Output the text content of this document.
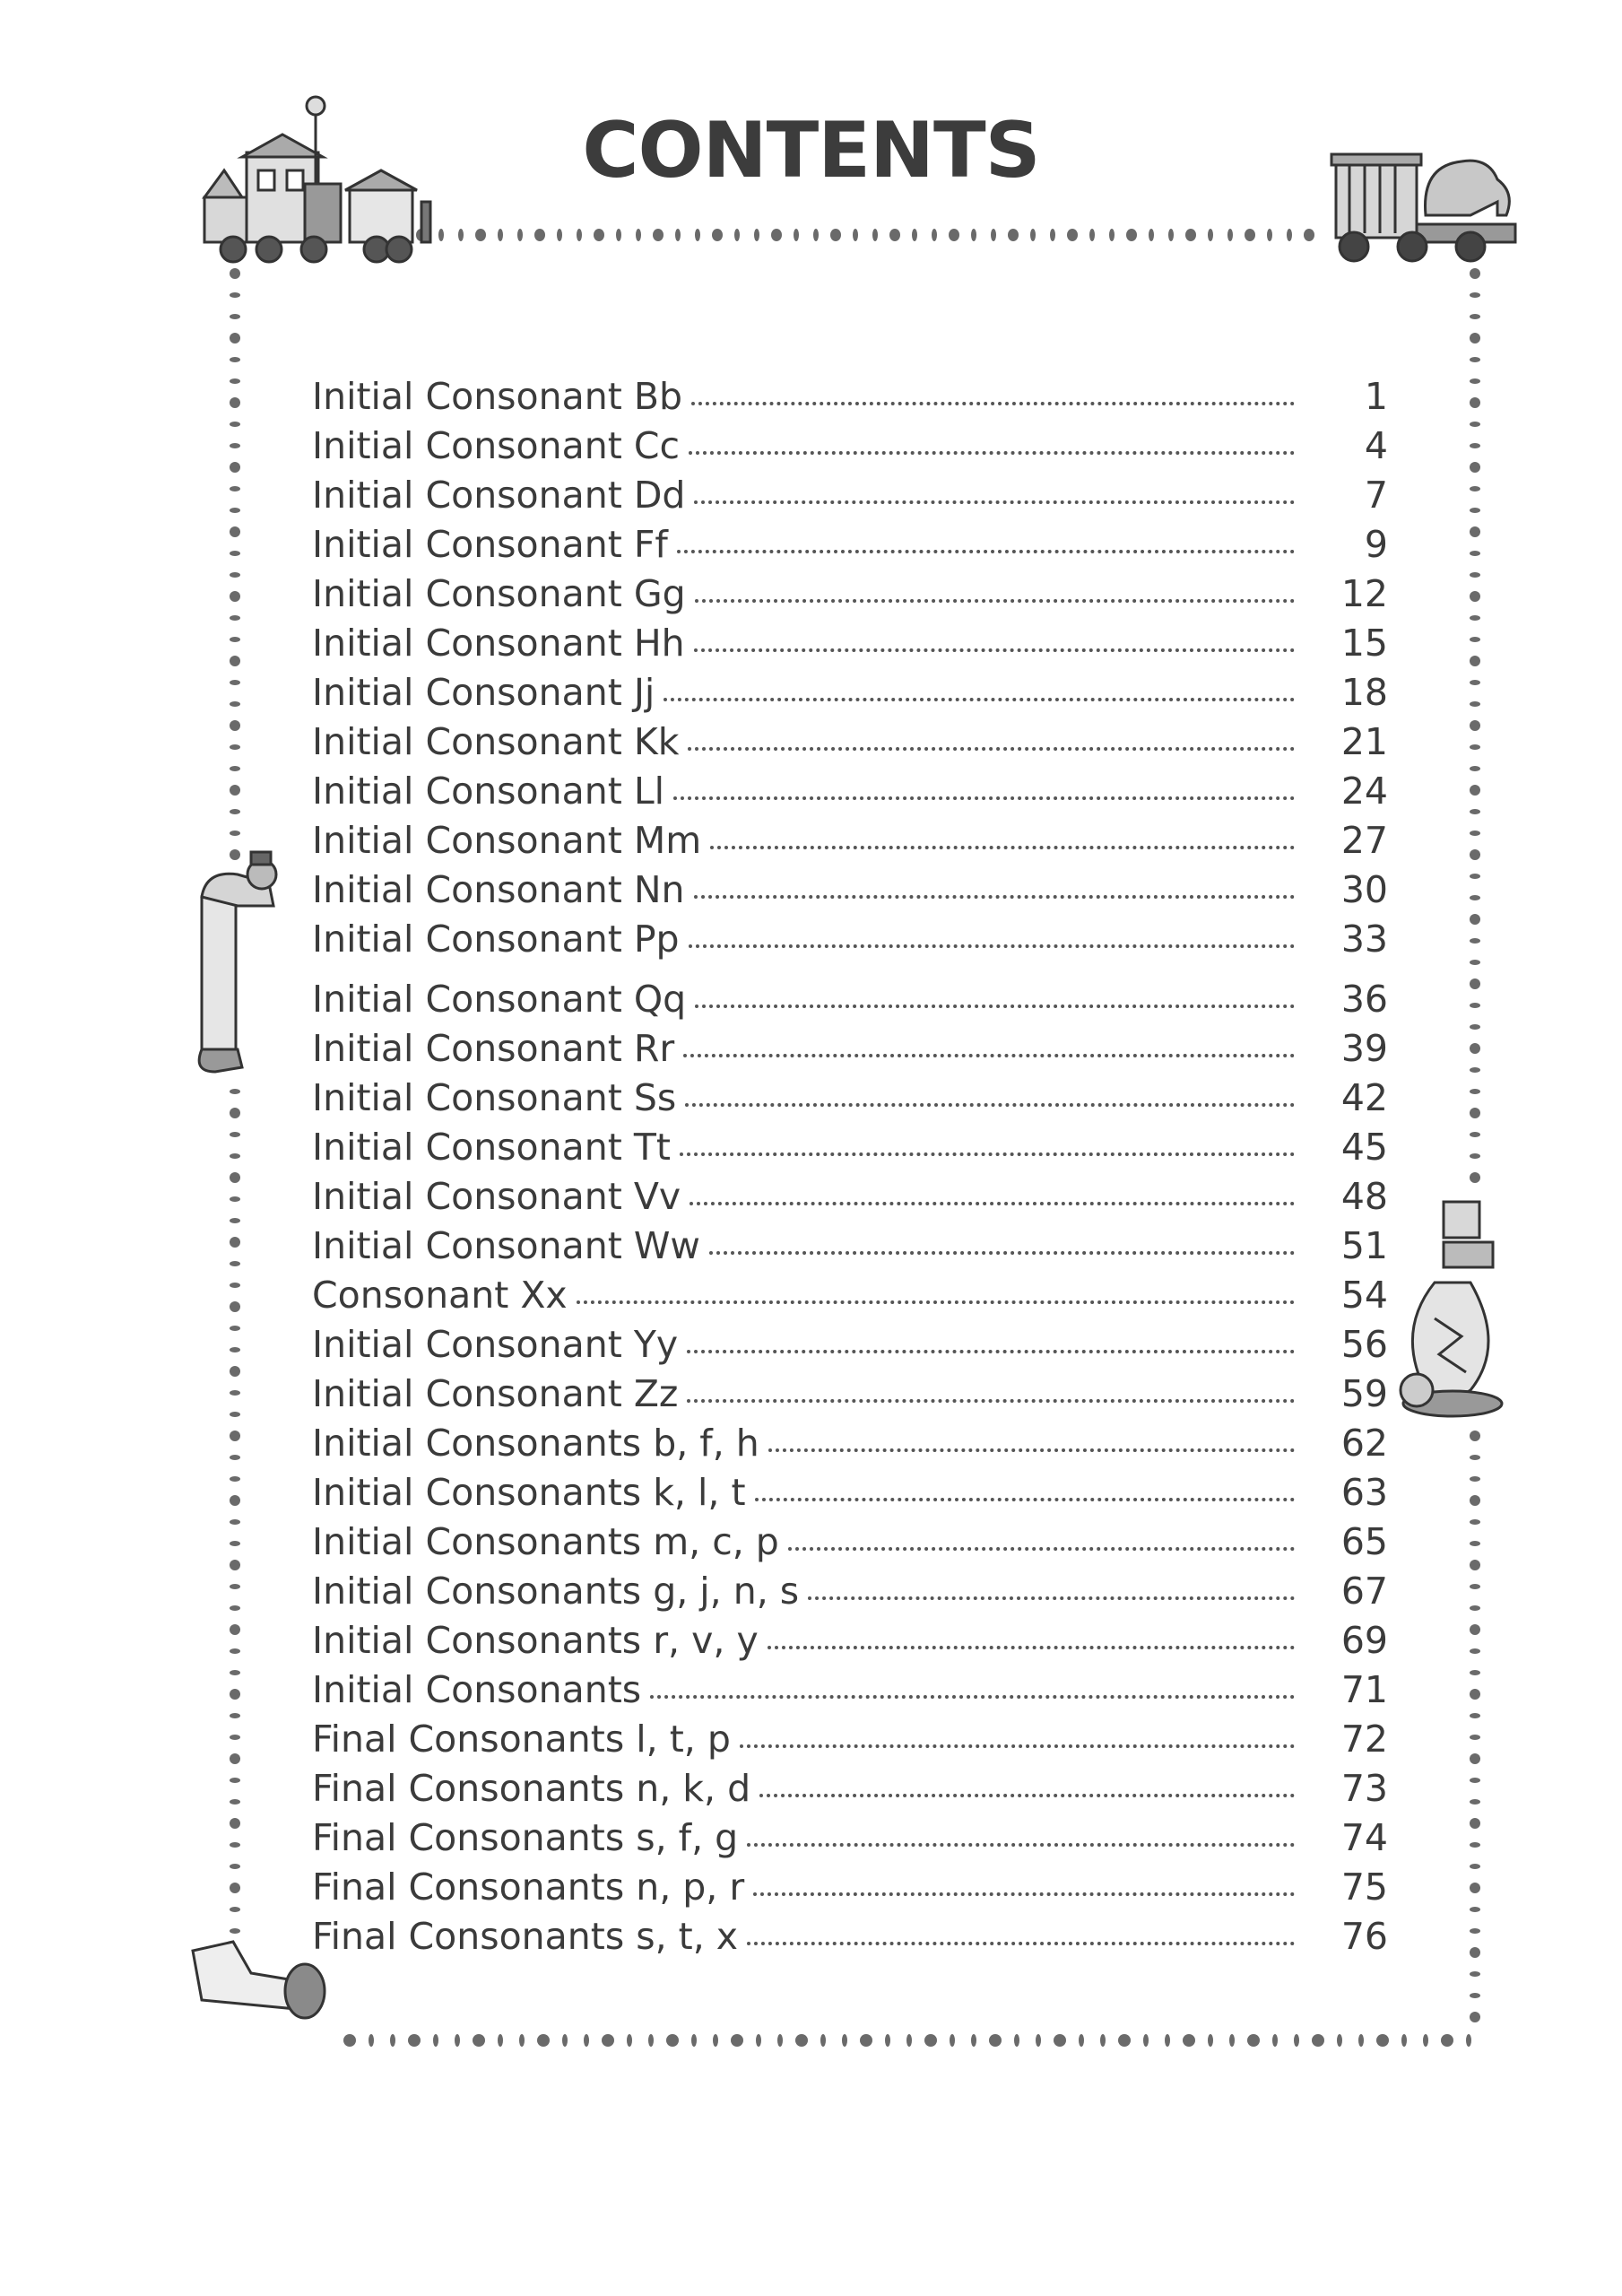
CONTENTS
Initial Consonant Bb	1
Initial Consonant Cc	4
Initial Consonant Dd	7
Initial Consonant Ff	9
Initial Consonant Gg	12
Initial Consonant Hh	15
Initial Consonant Jj	18
Initial Consonant Kk	21
Initial Consonant Ll	24
Initial Consonant Mm	27
Initial Consonant Nn	30
Initial Consonant Pp	33
Initial Consonant Qq	36
Initial Consonant Rr	39
Initial Consonant Ss	42
Initial Consonant Tt	45
Initial Consonant Vv	48
Initial Consonant Ww	51
Consonant Xx	54
Initial Consonant Yy	56
Initial Consonant Zz	59
Initial Consonants b, f, h	62
Initial Consonants k, l, t	63
Initial Consonants m, c, p	65
Initial Consonants g, j, n, s	67
Initial Consonants r, v, y	69
Initial Consonants	71
Final Consonants l, t, p	72
Final Consonants n, k, d	73
Final Consonants s, f, g	74
Final Consonants n, p, r	75
Final Consonants s, t, x	76
